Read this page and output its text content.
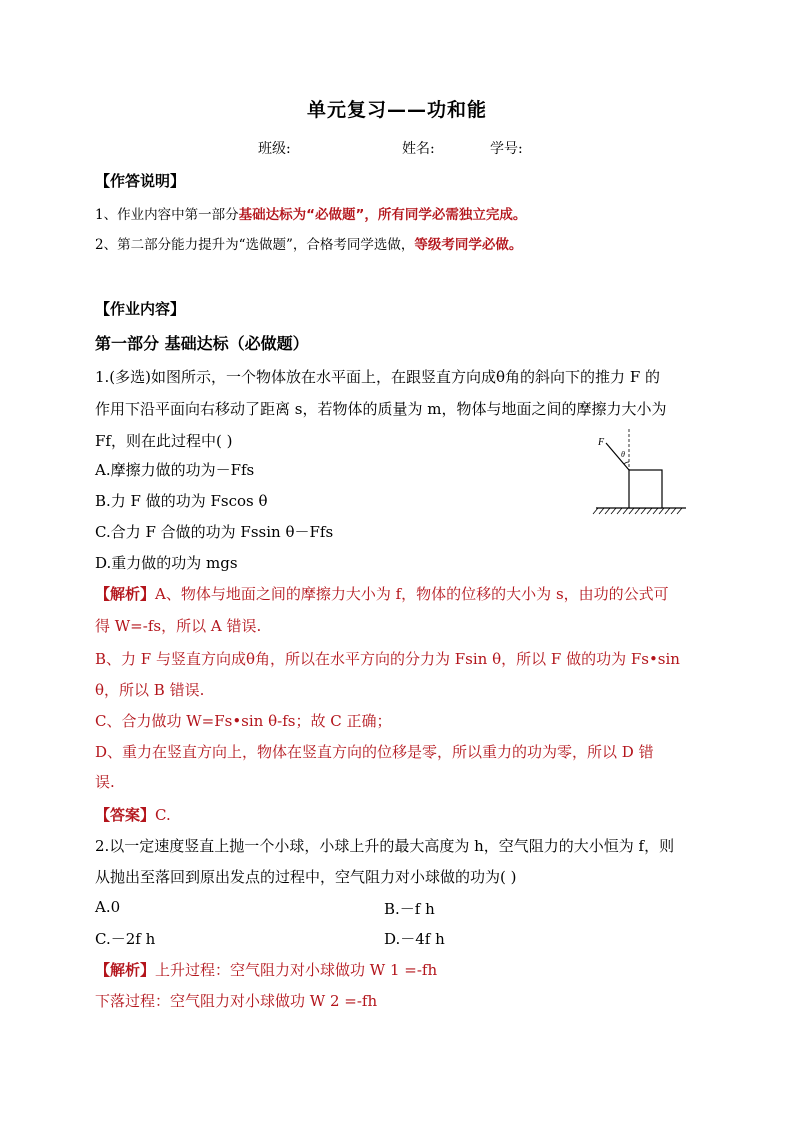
单元复习——功和能
班级:	姓名:	学号:
【作答说明】
1、作业内容中第一部分基础达标为“必做题”，所有同学必需独立完成。
2、第二部分能力提升为“选做题”，合格考同学选做，等级考同学必做。
【作业内容】
第一部分 基础达标（必做题）
1.(多选)如图所示，一个物体放在水平面上，在跟竖直方向成θ角的斜向下的推力 F 的
作用下沿平面向右移动了距离 s，若物体的质量为 m，物体与地面之间的摩擦力大小为
Ff，则在此过程中( )
A.摩擦力做的功为－Ffs
B.力 F 做的功为 Fscos θ
C.合力 F 合做的功为 Fssin θ－Ffs
D.重力做的功为 mgs
F
θ
【解析】A、物体与地面之间的摩擦力大小为 f，物体的位移的大小为 s，由功的公式可
得 W=-fs，所以 A 错误.
B、力 F 与竖直方向成θ角，所以在水平方向的分力为 Fsin θ，所以 F 做的功为 Fs•sin
θ，所以 B 错误.
C、合力做功 W=Fs•sin θ-fs；故 C 正确；
D、重力在竖直方向上，物体在竖直方向的位移是零，所以重力的功为零，所以 D 错
误.
【答案】C.
2.以一定速度竖直上抛一个小球，小球上升的最大高度为 h，空气阻力的大小恒为 f，则
从抛出至落回到原出发点的过程中，空气阻力对小球做的功为( )
A.0	B.－f h
C.－2f h	D.－4f h
【解析】上升过程：空气阻力对小球做功 W 1 =-fh
下落过程：空气阻力对小球做功 W 2 =-fh
